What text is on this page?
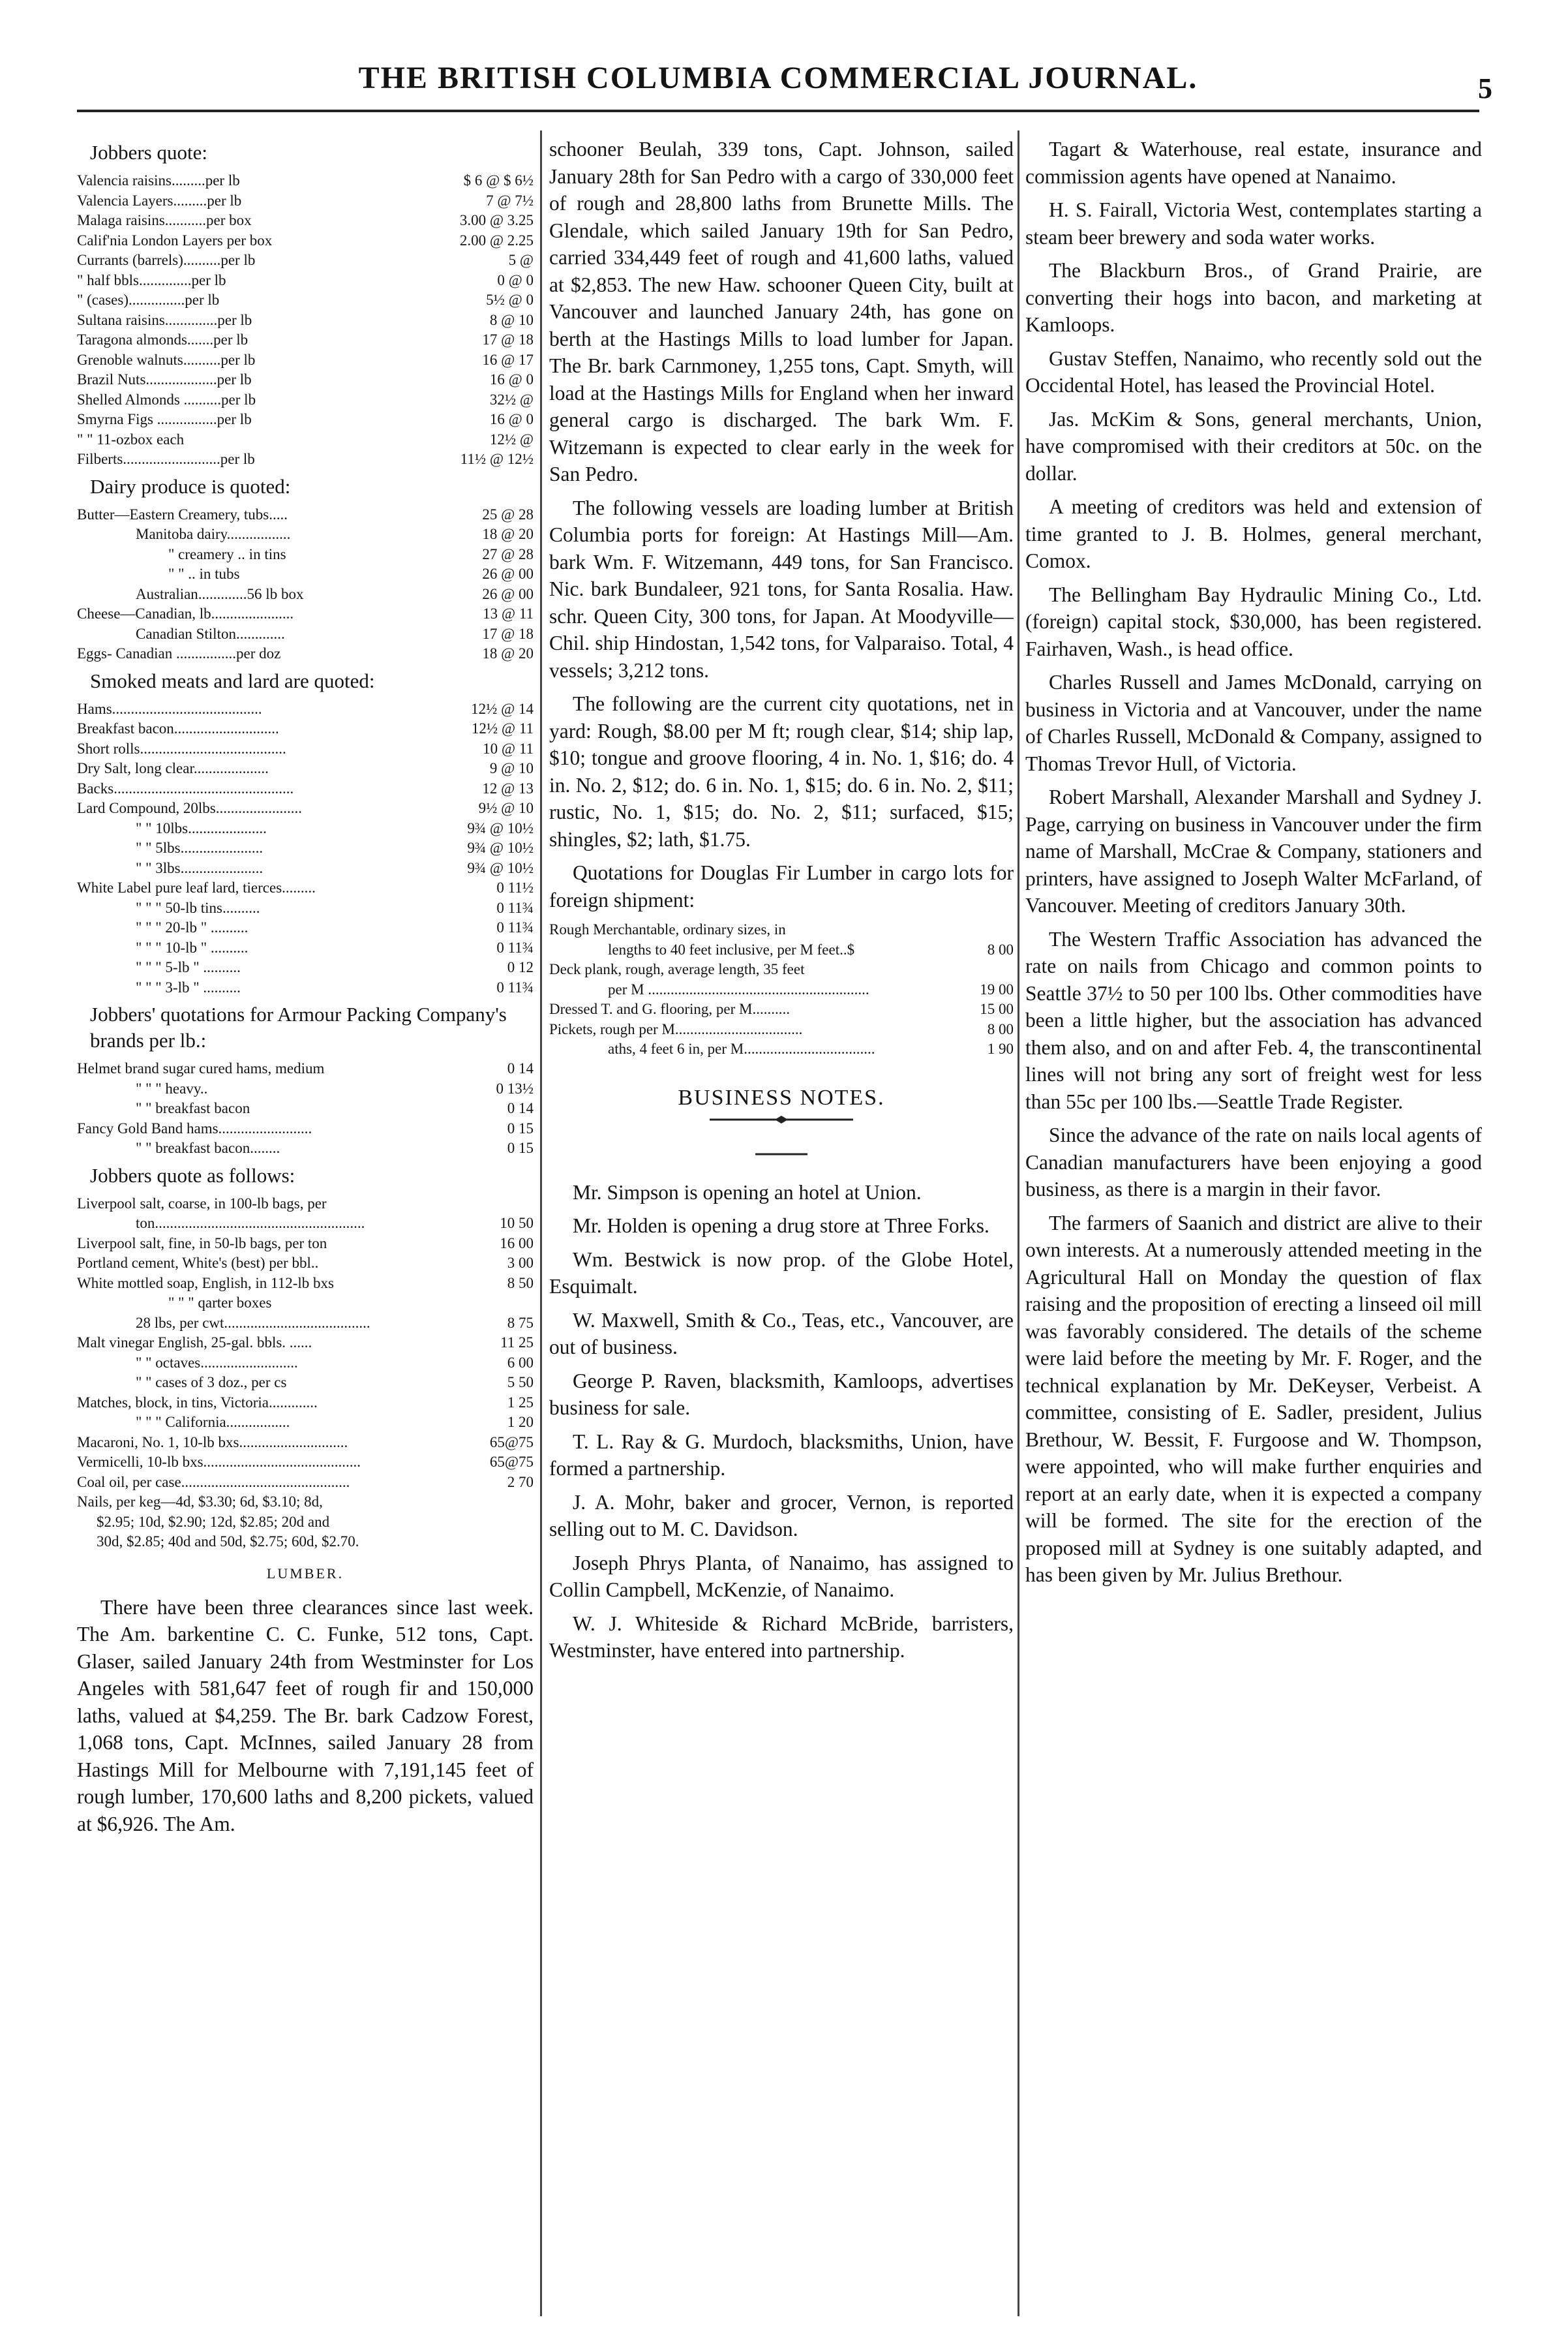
THE BRITISH COLUMBIA COMMERCIAL JOURNAL.	5
Jobbers quote:
Valencia raisins.........per lb	$ 6 @ $ 6½
Valencia Layers.........per lb	7 @ 7½
Malaga raisins...........per box	3.00 @ 3.25
Calif'nia London Layers per box	2.00 @ 2.25
Currants (barrels)..........per lb	5 @
" half bbls..............per lb	0 @ 0
" (cases)...............per lb	5½ @ 0
Sultana raisins..............per lb	8 @ 10
Taragona almonds.......per lb	17 @ 18
Grenoble walnuts..........per lb	16 @ 17
Brazil Nuts...................per lb	16 @ 0
Shelled Almonds ..........per lb	32½ @
Smyrna Figs ................per lb	16 @ 0
" " 11-ozbox each	12½ @
Filberts..........................per lb	11½ @ 12½
Dairy produce is quoted:
Butter—Eastern Creamery, tubs.....	25 @ 28
Manitoba dairy.................	18 @ 20
" creamery .. in tins	27 @ 28
" " .. in tubs	26 @ 00
Australian.............56 lb box	26 @ 00
Cheese—Canadian, lb......................	13 @ 11
Canadian Stilton.............	17 @ 18
Eggs- Canadian ................per doz	18 @ 20
Smoked meats and lard are quoted:
Hams........................................	12½ @ 14
Breakfast bacon............................	12½ @ 11
Short rolls.......................................	10 @ 11
Dry Salt, long clear....................	9 @ 10
Backs................................................	12 @ 13
Lard Compound, 20lbs.......................	9½ @ 10
" " 10lbs.....................	9¾ @ 10½
" " 5lbs......................	9¾ @ 10½
" " 3lbs......................	9¾ @ 10½
White Label pure leaf lard, tierces.........	0 11½
" " " 50-lb tins..........	0 11¾
" " " 20-lb " ..........	0 11¾
" " " 10-lb " ..........	0 11¾
" " " 5-lb " ..........	0 12
" " " 3-lb " ..........	0 11¾
Jobbers' quotations for Armour Packing Company's brands per lb.:
Helmet brand sugar cured hams, medium	0 14
" " " heavy..	0 13½
" " breakfast bacon	0 14
Fancy Gold Band hams.........................	0 15
" " breakfast bacon........	0 15
Jobbers quote as follows:
Liverpool salt, coarse, in 100-lb bags, per
ton........................................................	10 50
Liverpool salt, fine, in 50-lb bags, per ton	16 00
Portland cement, White's (best) per bbl..	3 00
White mottled soap, English, in 112-lb bxs	8 50
" " " qarter boxes
28 lbs, per cwt.......................................	8 75
Malt vinegar English, 25-gal. bbls. ......	11 25
" " octaves..........................	6 00
" " cases of 3 doz., per cs	5 50
Matches, block, in tins, Victoria.............	1 25
" " " California.................	1 20
Macaroni, No. 1, 10-lb bxs.............................	65@75
Vermicelli, 10-lb bxs..........................................	65@75
Coal oil, per case.............................................	2 70
Nails, per keg—4d, $3.30; 6d, $3.10; 8d,
$2.95; 10d, $2.90; 12d, $2.85; 20d and
30d, $2.85; 40d and 50d, $2.75; 60d, $2.70.
LUMBER.

There have been three clearances since last week. The Am. barkentine C. C. Funke, 512 tons, Capt. Glaser, sailed January 24th from Westminster for Los Angeles with 581,647 feet of rough fir and 150,000 laths, valued at $4,259. The Br. bark Cadzow Forest, 1,068 tons, Capt. McInnes, sailed January 28 from Hastings Mill for Melbourne with 7,191,145 feet of rough lumber, 170,600 laths and 8,200 pickets, valued at $6,926. The Am.

schooner Beulah, 339 tons, Capt. Johnson, sailed January 28th for San Pedro with a cargo of 330,000 feet of rough and 28,800 laths from Brunette Mills. The Glendale, which sailed January 19th for San Pedro, carried 334,449 feet of rough and 41,600 laths, valued at $2,853. The new Haw. schooner Queen City, built at Vancouver and launched January 24th, has gone on berth at the Hastings Mills to load lumber for Japan. The Br. bark Carnmoney, 1,255 tons, Capt. Smyth, will load at the Hastings Mills for England when her inward general cargo is discharged. The bark Wm. F. Witzemann is expected to clear early in the week for San Pedro.

The following vessels are loading lumber at British Columbia ports for foreign: At Hastings Mill—Am. bark Wm. F. Witzemann, 449 tons, for San Francisco. Nic. bark Bundaleer, 921 tons, for Santa Rosalia. Haw. schr. Queen City, 300 tons, for Japan. At Moodyville—Chil. ship Hindostan, 1,542 tons, for Valparaiso. Total, 4 vessels; 3,212 tons.

The following are the current city quotations, net in yard: Rough, $8.00 per M ft; rough clear, $14; ship lap, $10; tongue and groove flooring, 4 in. No. 1, $16; do. 4 in. No. 2, $12; do. 6 in. No. 1, $15; do. 6 in. No. 2, $11; rustic, No. 1, $15; do. No. 2, $11; surfaced, $15; shingles, $2; lath, $1.75.

Quotations for Douglas Fir Lumber in cargo lots for foreign shipment:

Rough Merchantable, ordinary sizes, in
lengths to 40 feet inclusive, per M feet..$	8 00
Deck plank, rough, average length, 35 feet
per M ...........................................................	19 00
Dressed T. and G. flooring, per M..........	15 00
Pickets, rough per M..................................	8 00
aths, 4 feet 6 in, per M...................................	1 90
BUSINESS NOTES.

Mr. Simpson is opening an hotel at Union.

Mr. Holden is opening a drug store at Three Forks.

Wm. Bestwick is now prop. of the Globe Hotel, Esquimalt.

W. Maxwell, Smith & Co., Teas, etc., Vancouver, are out of business.

George P. Raven, blacksmith, Kamloops, advertises business for sale.

T. L. Ray & G. Murdoch, blacksmiths, Union, have formed a partnership.

J. A. Mohr, baker and grocer, Vernon, is reported selling out to M. C. Davidson.

Joseph Phrys Planta, of Nanaimo, has assigned to Collin Campbell, McKenzie, of Nanaimo.

W. J. Whiteside & Richard McBride, barristers, Westminster, have entered into partnership.

Tagart & Waterhouse, real estate, insurance and commission agents have opened at Nanaimo.

H. S. Fairall, Victoria West, contemplates starting a steam beer brewery and soda water works.

The Blackburn Bros., of Grand Prairie, are converting their hogs into bacon, and marketing at Kamloops.

Gustav Steffen, Nanaimo, who recently sold out the Occidental Hotel, has leased the Provincial Hotel.

Jas. McKim & Sons, general merchants, Union, have compromised with their creditors at 50c. on the dollar.

A meeting of creditors was held and extension of time granted to J. B. Holmes, general merchant, Comox.

The Bellingham Bay Hydraulic Mining Co., Ltd. (foreign) capital stock, $30,000, has been registered. Fairhaven, Wash., is head office.

Charles Russell and James McDonald, carrying on business in Victoria and at Vancouver, under the name of Charles Russell, McDonald & Company, assigned to Thomas Trevor Hull, of Victoria.

Robert Marshall, Alexander Marshall and Sydney J. Page, carrying on business in Vancouver under the firm name of Marshall, McCrae & Company, stationers and printers, have assigned to Joseph Walter McFarland, of Vancouver. Meeting of creditors January 30th.

The Western Traffic Association has advanced the rate on nails from Chicago and common points to Seattle 37½ to 50 per 100 lbs. Other commodities have been a little higher, but the association has advanced them also, and on and after Feb. 4, the transcontinental lines will not bring any sort of freight west for less than 55c per 100 lbs.—Seattle Trade Register.

Since the advance of the rate on nails local agents of Canadian manufacturers have been enjoying a good business, as there is a margin in their favor.

The farmers of Saanich and district are alive to their own interests. At a numerously attended meeting in the Agricultural Hall on Monday the question of flax raising and the proposition of erecting a linseed oil mill was favorably considered. The details of the scheme were laid before the meeting by Mr. F. Roger, and the technical explanation by Mr. DeKeyser, Verbeist. A committee, consisting of E. Sadler, president, Julius Brethour, W. Bessit, F. Furgoose and W. Thompson, were appointed, who will make further enquiries and report at an early date, when it is expected a company will be formed. The site for the erection of the proposed mill at Sydney is one suitably adapted, and has been given by Mr. Julius Brethour.
